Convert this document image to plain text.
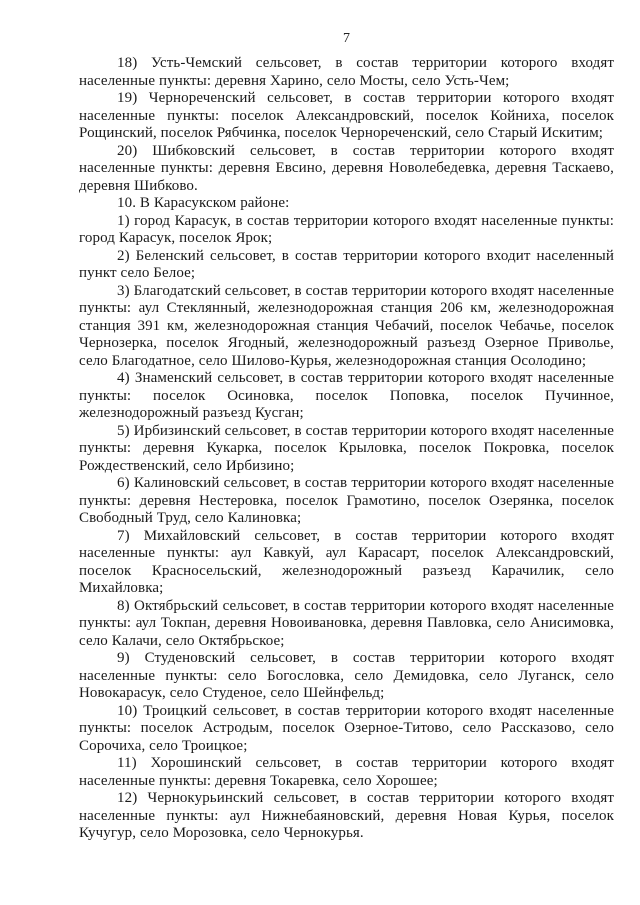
7

18) Усть-Чемский сельсовет, в состав территории которого входят населенные пункты: деревня Харино, село Мосты, село Усть-Чем;

19) Чернореченский сельсовет, в состав территории которого входят населенные пункты: поселок Александровский, поселок Койниха, поселок Рощинский, поселок Рябчинка, поселок Чернореченский, село Старый Искитим;

20) Шибковский сельсовет, в состав территории которого входят населенные пункты: деревня Евсино, деревня Новолебедевка, деревня Таскаево, деревня Шибково.

10. В Карасукском районе:

1) город Карасук, в состав территории которого входят населенные пункты: город Карасук, поселок Ярок;

2) Беленский сельсовет, в состав территории которого входит населенный пункт село Белое;

3) Благодатский сельсовет, в состав территории которого входят населенные пункты: аул Стеклянный, железнодорожная станция 206 км, железнодорожная станция 391 км, железнодорожная станция Чебачий, поселок Чебачье, поселок Чернозерка, поселок Ягодный, железнодорожный разъезд Озерное Приволье, село Благодатное, село Шилово-Курья, железнодорожная станция Осолодино;

4) Знаменский сельсовет, в состав территории которого входят населенные пункты: поселок Осиновка, поселок Поповка, поселок Пучинное, железнодорожный разъезд Кусган;

5) Ирбизинский сельсовет, в состав территории которого входят населенные пункты: деревня Кукарка, поселок Крыловка, поселок Покровка, поселок Рождественский, село Ирбизино;

6) Калиновский сельсовет, в состав территории которого входят населенные пункты: деревня Нестеровка, поселок Грамотино, поселок Озерянка, поселок Свободный Труд, село Калиновка;

7) Михайловский сельсовет, в состав территории которого входят населенные пункты: аул Кавкуй, аул Карасарт, поселок Александровский, поселок Красносельский, железнодорожный разъезд Карачилик, село Михайловка;

8) Октябрьский сельсовет, в состав территории которого входят населенные пункты: аул Токпан, деревня Новоивановка, деревня Павловка, село Анисимовка, село Калачи, село Октябрьское;

9) Студеновский сельсовет, в состав территории которого входят населенные пункты: село Богословка, село Демидовка, село Луганск, село Новокарасук, село Студеное, село Шейнфельд;

10) Троицкий сельсовет, в состав территории которого входят населенные пункты: поселок Астродым, поселок Озерное-Титово, село Рассказово, село Сорочиха, село Троицкое;

11) Хорошинский сельсовет, в состав территории которого входят населенные пункты: деревня Токаревка, село Хорошее;

12) Чернокурьинский сельсовет, в состав территории которого входят населенные пункты: аул Нижнебаяновский, деревня Новая Курья, поселок Кучугур, село Морозовка, село Чернокурья.
